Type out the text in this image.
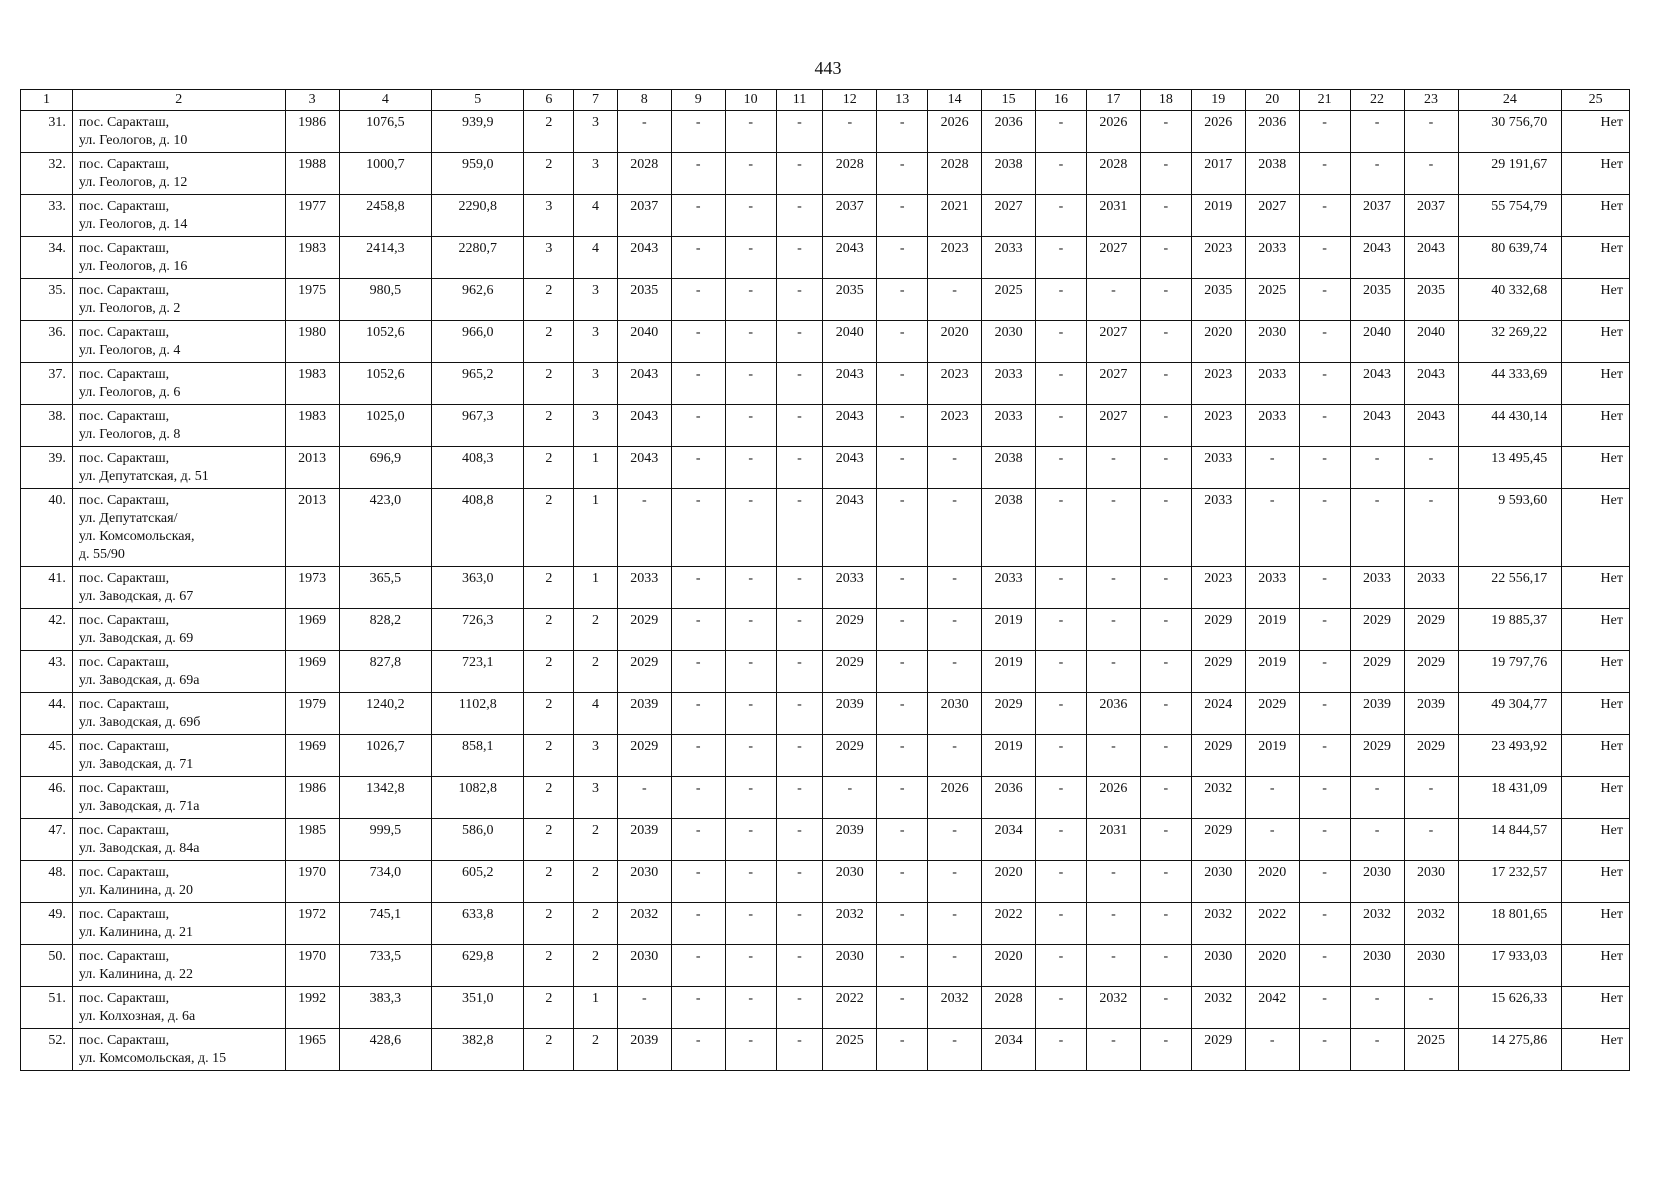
443
1	2	3	4	5	6	7	8	9	10	11	12	13	14	15	16	17	18	19	20	21	22	23	24	25
31.	пос. Саракташ,
ул. Геологов, д. 10	1986	1076,5	939,9	2	3	-	-	-	-	-	-	2026	2036	-	2026	-	2026	2036	-	-	-	30 756,70	Нет
32.	пос. Саракташ,
ул. Геологов, д. 12	1988	1000,7	959,0	2	3	2028	-	-	-	2028	-	2028	2038	-	2028	-	2017	2038	-	-	-	29 191,67	Нет
33.	пос. Саракташ,
ул. Геологов, д. 14	1977	2458,8	2290,8	3	4	2037	-	-	-	2037	-	2021	2027	-	2031	-	2019	2027	-	2037	2037	55 754,79	Нет
34.	пос. Саракташ,
ул. Геологов, д. 16	1983	2414,3	2280,7	3	4	2043	-	-	-	2043	-	2023	2033	-	2027	-	2023	2033	-	2043	2043	80 639,74	Нет
35.	пос. Саракташ,
ул. Геологов, д. 2	1975	980,5	962,6	2	3	2035	-	-	-	2035	-	-	2025	-	-	-	2035	2025	-	2035	2035	40 332,68	Нет
36.	пос. Саракташ,
ул. Геологов, д. 4	1980	1052,6	966,0	2	3	2040	-	-	-	2040	-	2020	2030	-	2027	-	2020	2030	-	2040	2040	32 269,22	Нет
37.	пос. Саракташ,
ул. Геологов, д. 6	1983	1052,6	965,2	2	3	2043	-	-	-	2043	-	2023	2033	-	2027	-	2023	2033	-	2043	2043	44 333,69	Нет
38.	пос. Саракташ,
ул. Геологов, д. 8	1983	1025,0	967,3	2	3	2043	-	-	-	2043	-	2023	2033	-	2027	-	2023	2033	-	2043	2043	44 430,14	Нет
39.	пос. Саракташ,
ул. Депутатская, д. 51	2013	696,9	408,3	2	1	2043	-	-	-	2043	-	-	2038	-	-	-	2033	-	-	-	-	13 495,45	Нет
40.	пос. Саракташ,
ул. Депутатская/
ул. Комсомольская,
д. 55/90	2013	423,0	408,8	2	1	-	-	-	-	2043	-	-	2038	-	-	-	2033	-	-	-	-	9 593,60	Нет
41.	пос. Саракташ,
ул. Заводская, д. 67	1973	365,5	363,0	2	1	2033	-	-	-	2033	-	-	2033	-	-	-	2023	2033	-	2033	2033	22 556,17	Нет
42.	пос. Саракташ,
ул. Заводская, д. 69	1969	828,2	726,3	2	2	2029	-	-	-	2029	-	-	2019	-	-	-	2029	2019	-	2029	2029	19 885,37	Нет
43.	пос. Саракташ,
ул. Заводская, д. 69а	1969	827,8	723,1	2	2	2029	-	-	-	2029	-	-	2019	-	-	-	2029	2019	-	2029	2029	19 797,76	Нет
44.	пос. Саракташ,
ул. Заводская, д. 69б	1979	1240,2	1102,8	2	4	2039	-	-	-	2039	-	2030	2029	-	2036	-	2024	2029	-	2039	2039	49 304,77	Нет
45.	пос. Саракташ,
ул. Заводская, д. 71	1969	1026,7	858,1	2	3	2029	-	-	-	2029	-	-	2019	-	-	-	2029	2019	-	2029	2029	23 493,92	Нет
46.	пос. Саракташ,
ул. Заводская, д. 71а	1986	1342,8	1082,8	2	3	-	-	-	-	-	-	2026	2036	-	2026	-	2032	-	-	-	-	18 431,09	Нет
47.	пос. Саракташ,
ул. Заводская, д. 84а	1985	999,5	586,0	2	2	2039	-	-	-	2039	-	-	2034	-	2031	-	2029	-	-	-	-	14 844,57	Нет
48.	пос. Саракташ,
ул. Калинина, д. 20	1970	734,0	605,2	2	2	2030	-	-	-	2030	-	-	2020	-	-	-	2030	2020	-	2030	2030	17 232,57	Нет
49.	пос. Саракташ,
ул. Калинина, д. 21	1972	745,1	633,8	2	2	2032	-	-	-	2032	-	-	2022	-	-	-	2032	2022	-	2032	2032	18 801,65	Нет
50.	пос. Саракташ,
ул. Калинина, д. 22	1970	733,5	629,8	2	2	2030	-	-	-	2030	-	-	2020	-	-	-	2030	2020	-	2030	2030	17 933,03	Нет
51.	пос. Саракташ,
ул. Колхозная, д. 6а	1992	383,3	351,0	2	1	-	-	-	-	2022	-	2032	2028	-	2032	-	2032	2042	-	-	-	15 626,33	Нет
52.	пос. Саракташ,
ул. Комсомольская, д. 15	1965	428,6	382,8	2	2	2039	-	-	-	2025	-	-	2034	-	-	-	2029	-	-	-	2025	14 275,86	Нет
